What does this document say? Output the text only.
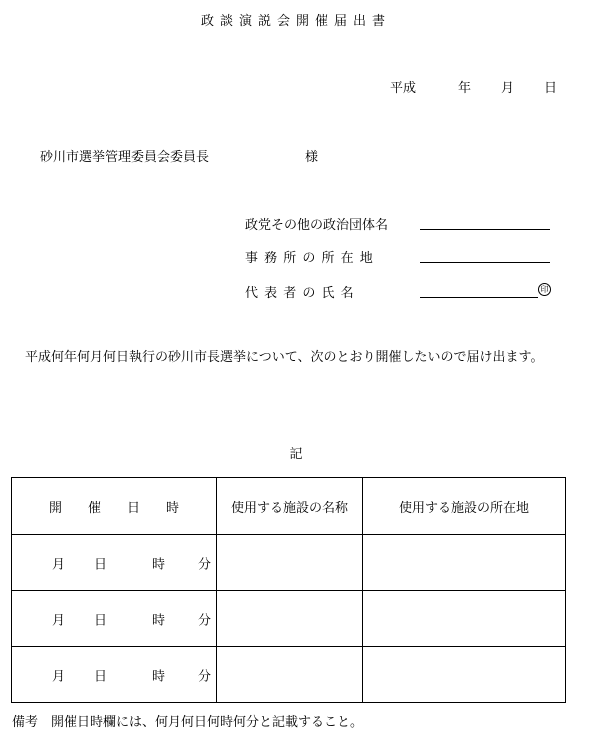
政談演説会開催届出書
平成	年 月 日
砂川市選挙管理委員会委員長	様
政党その他の政治団体名
事 務 所 の 所 在 地
代 表 者 の 氏 名	印
平成何年何月何日執行の砂川市長選挙について、次のとおり開催したいので届け出ます。
記
開　　催　　日　　時	使用する施設の名称	使用する施設の所在地

月 日 時 分		

月 日 時 分		

月 日 時 分		

備考　開催日時欄には、何月何日何時何分と記載すること。
